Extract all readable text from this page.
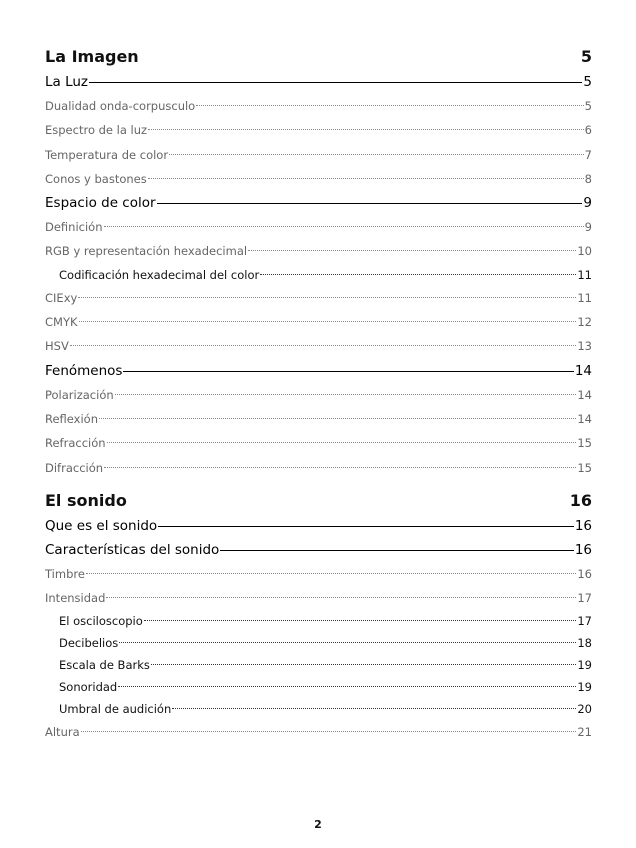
La Imagen	5
La Luz	5
Dualidad onda-corpusculo	5
Espectro de la luz	6
Temperatura de color	7
Conos y bastones	8
Espacio de color	9
Definición	9
RGB y representación hexadecimal	10
Codificación hexadecimal del color	11
CIExy	11
CMYK	12
HSV	13
Fenómenos	14
Polarización	14
Reflexión	14
Refracción	15
Difracción	15
El sonido	16
Que es el sonido	16
Características del sonido	16
Timbre	16
Intensidad	17
El osciloscopio	17
Decibelios	18
Escala de Barks	19
Sonoridad	19
Umbral de audición	20
Altura	21
2
